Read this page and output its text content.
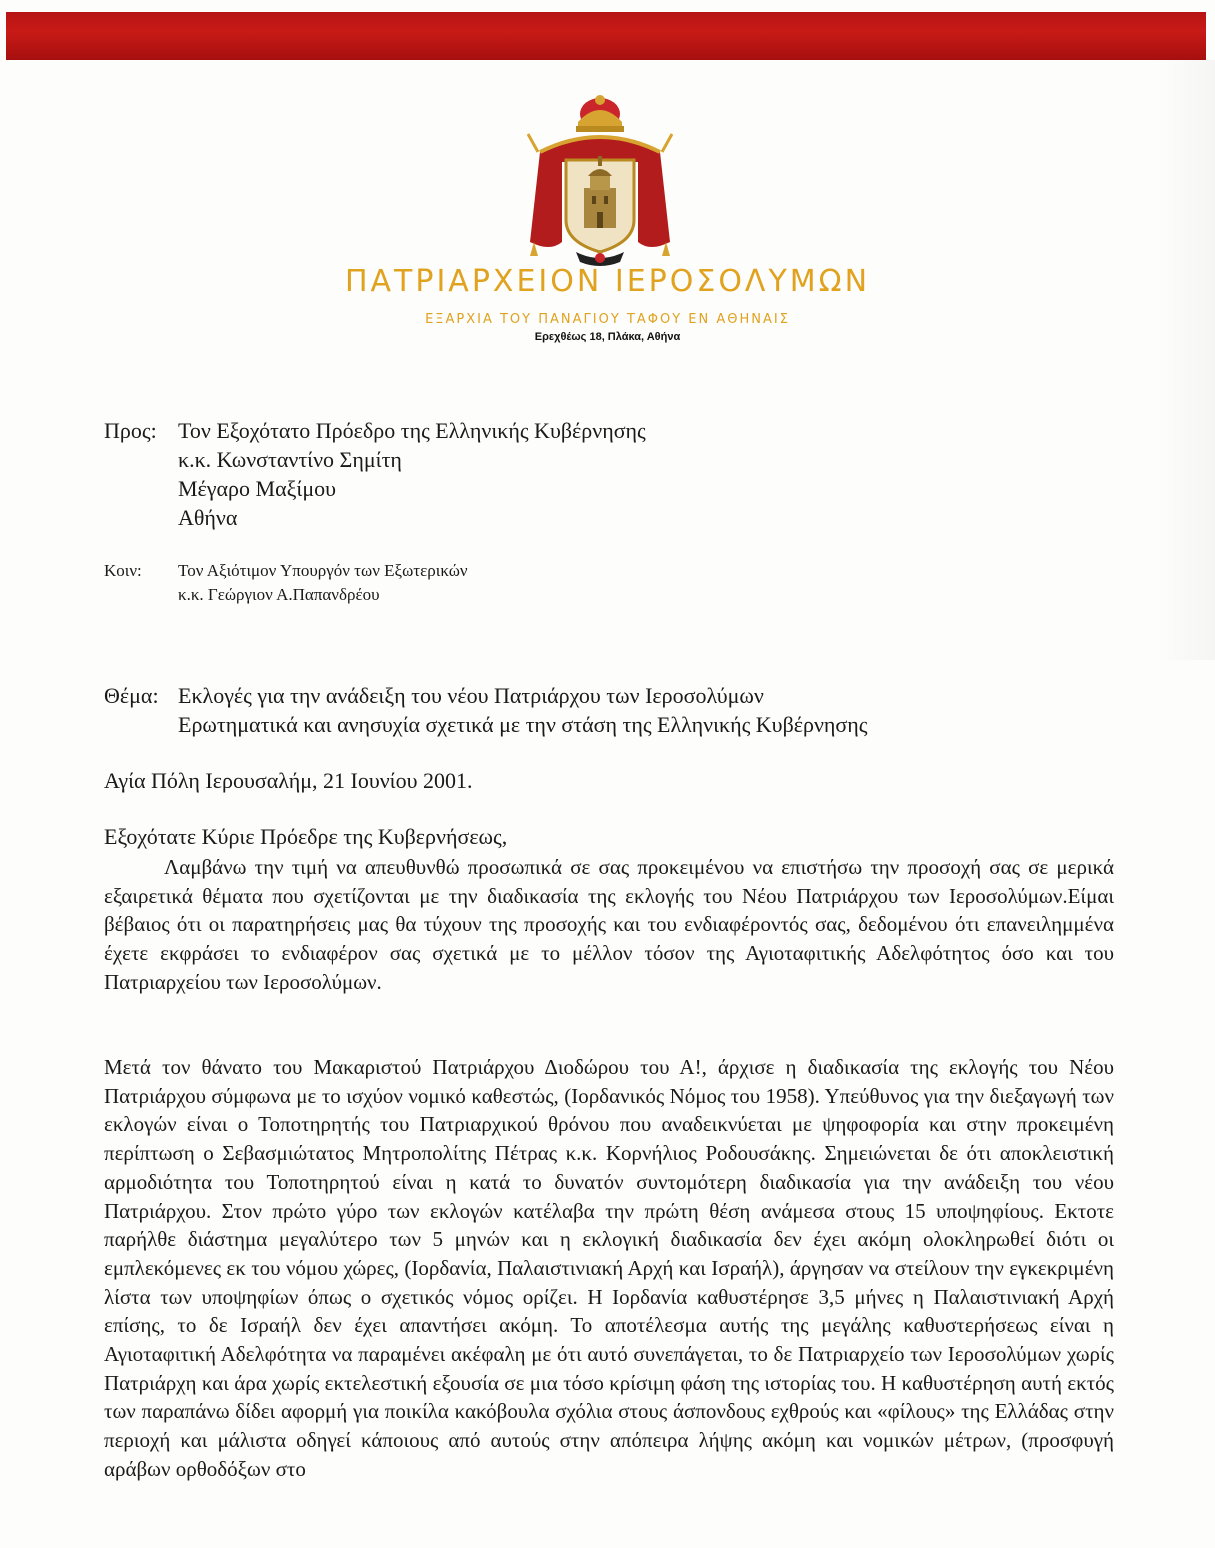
ΠΑΤΡΙΑΡΧΕΙΟΝ ΙΕΡΟΣΟΛΥΜΩΝ
ΕΞΑΡΧΙΑ ΤΟΥ ΠΑΝΑΓΙΟΥ ΤΑΦΟΥ ΕΝ ΑΘΗΝΑΙΣ
Ερεχθέως 18, Πλάκα, Αθήνα
Προς: Τον Εξοχότατο Πρόεδρο της Ελληνικής Κυβέρνησης
κ.κ. Κωνσταντίνο Σημίτη
Μέγαρο Μαξίμου
Αθήνα
Κοιν: Τον Αξιότιμον Υπουργόν των Εξωτερικών
κ.κ. Γεώργιον Α.Παπανδρέου
Θέμα: Εκλογές για την ανάδειξη του νέου Πατριάρχου των Ιεροσολύμων
Ερωτηματικά και ανησυχία σχετικά με την στάση της Ελληνικής Κυβέρνησης
Αγία Πόλη Ιερουσαλήμ, 21 Ιουνίου 2001.
Εξοχότατε Κύριε Πρόεδρε της Κυβερνήσεως,
Λαμβάνω την τιμή να απευθυνθώ προσωπικά σε σας προκειμένου να επιστήσω την προσοχή σας σε μερικά εξαιρετικά θέματα που σχετίζονται με την διαδικασία της εκλογής του Νέου Πατριάρχου των Ιεροσολύμων.Είμαι βέβαιος ότι οι παρατηρήσεις μας θα τύχουν της προσοχής και του ενδιαφέροντός σας, δεδομένου ότι επανειλημμένα έχετε εκφράσει το ενδιαφέρον σας σχετικά με το μέλλον τόσον της Αγιοταφιτικής Αδελφότητος όσο και του Πατριαρχείου των Ιεροσολύμων.
Μετά τον θάνατο του Μακαριστού Πατριάρχου Διοδώρου του Α!, άρχισε η διαδικασία της εκλογής του Νέου Πατριάρχου σύμφωνα με το ισχύον νομικό καθεστώς, (Ιορδανικός Νόμος του 1958). Υπεύθυνος για την διεξαγωγή των εκλογών είναι ο Τοποτηρητής του Πατριαρχικού θρόνου που αναδεικνύεται με ψηφοφορία και στην προκειμένη περίπτωση ο Σεβασμιώτατος Μητροπολίτης Πέτρας κ.κ. Κορνήλιος Ροδουσάκης. Σημειώνεται δε ότι αποκλειστική αρμοδιότητα του Τοποτηρητού είναι η κατά το δυνατόν συντομότερη διαδικασία για την ανάδειξη του νέου Πατριάρχου. Στον πρώτο γύρο των εκλογών κατέλαβα την πρώτη θέση ανάμεσα στους 15 υποψηφίους. Εκτοτε παρήλθε διάστημα μεγαλύτερο των 5 μηνών και η εκλογική διαδικασία δεν έχει ακόμη ολοκληρωθεί διότι οι εμπλεκόμενες εκ του νόμου χώρες, (Ιορδανία, Παλαιστινιακή Αρχή και Ισραήλ), άργησαν να στείλουν την εγκεκριμένη λίστα των υποψηφίων όπως ο σχετικός νόμος ορίζει. Η Ιορδανία καθυστέρησε 3,5 μήνες η Παλαιστινιακή Αρχή επίσης, το δε Ισραήλ δεν έχει απαντήσει ακόμη. Το αποτέλεσμα αυτής της μεγάλης καθυστερήσεως είναι η Αγιοταφιτική Αδελφότητα να παραμένει ακέφαλη με ότι αυτό συνεπάγεται, το δε Πατριαρχείο των Ιεροσολύμων χωρίς Πατριάρχη και άρα χωρίς εκτελεστική εξουσία σε μια τόσο κρίσιμη φάση της ιστορίας του. Η καθυστέρηση αυτή εκτός των παραπάνω δίδει αφορμή για ποικίλα κακόβουλα σχόλια στους άσπονδους εχθρούς και «φίλους» της Ελλάδας στην περιοχή και μάλιστα οδηγεί κάποιους από αυτούς στην απόπειρα λήψης ακόμη και νομικών μέτρων, (προσφυγή αράβων ορθοδόξων στο
